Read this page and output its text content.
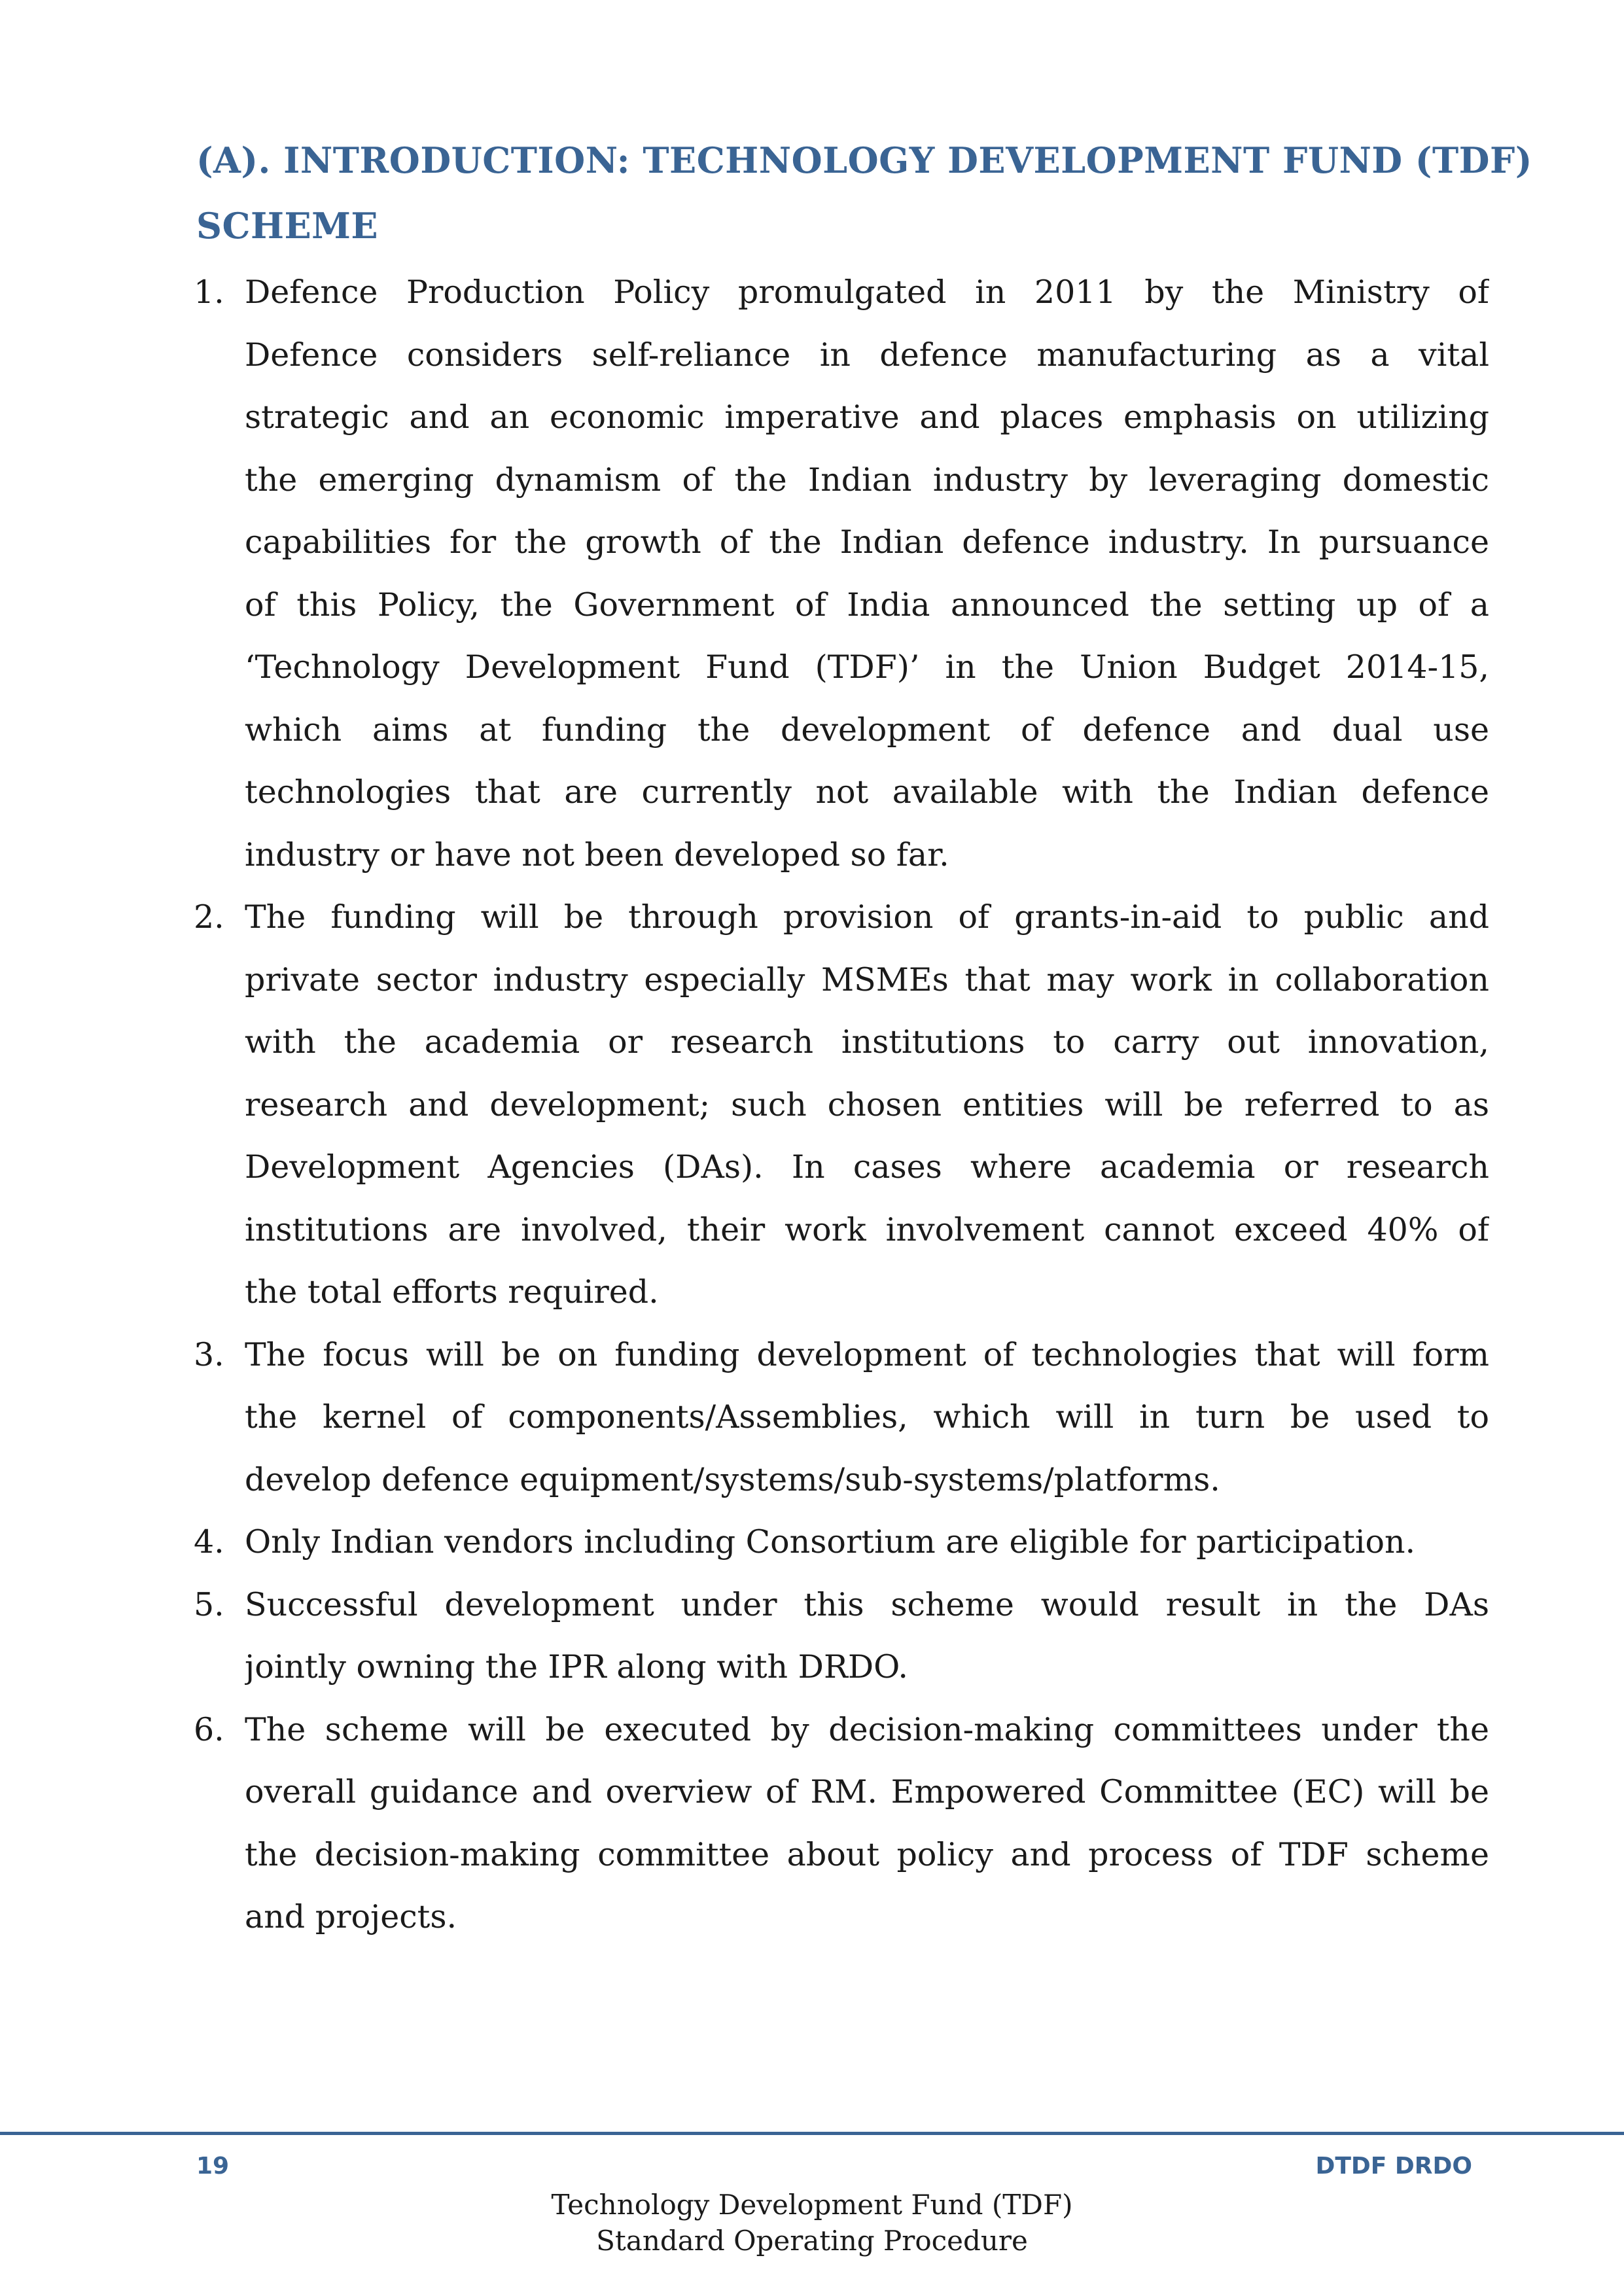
(A). INTRODUCTION: TECHNOLOGY DEVELOPMENT FUND (TDF)
SCHEME
1. Defence Production Policy promulgated in 2011 by the Ministry of
Defence considers self-reliance in defence manufacturing as a vital
strategic and an economic imperative and places emphasis on utilizing
the emerging dynamism of the Indian industry by leveraging domestic
capabilities for the growth of the Indian defence industry. In pursuance
of this Policy, the Government of India announced the setting up of a
‘Technology Development Fund (TDF)’ in the Union Budget 2014-15,
which aims at funding the development of defence and dual use
technologies that are currently not available with the Indian defence
industry or have not been developed so far.
2. The funding will be through provision of grants-in-aid to public and
private sector industry especially MSMEs that may work in collaboration
with the academia or research institutions to carry out innovation,
research and development; such chosen entities will be referred to as
Development Agencies (DAs). In cases where academia or research
institutions are involved, their work involvement cannot exceed 40% of
the total efforts required.
3. The focus will be on funding development of technologies that will form
the kernel of components/Assemblies, which will in turn be used to
develop defence equipment/systems/sub-systems/platforms.
4. Only Indian vendors including Consortium are eligible for participation.
5. Successful development under this scheme would result in the DAs
jointly owning the IPR along with DRDO.
6. The scheme will be executed by decision-making committees under the
overall guidance and overview of RM. Empowered Committee (EC) will be
the decision-making committee about policy and process of TDF scheme
and projects.
19	DTDF DRDO
Technology Development Fund (TDF)
Standard Operating Procedure
